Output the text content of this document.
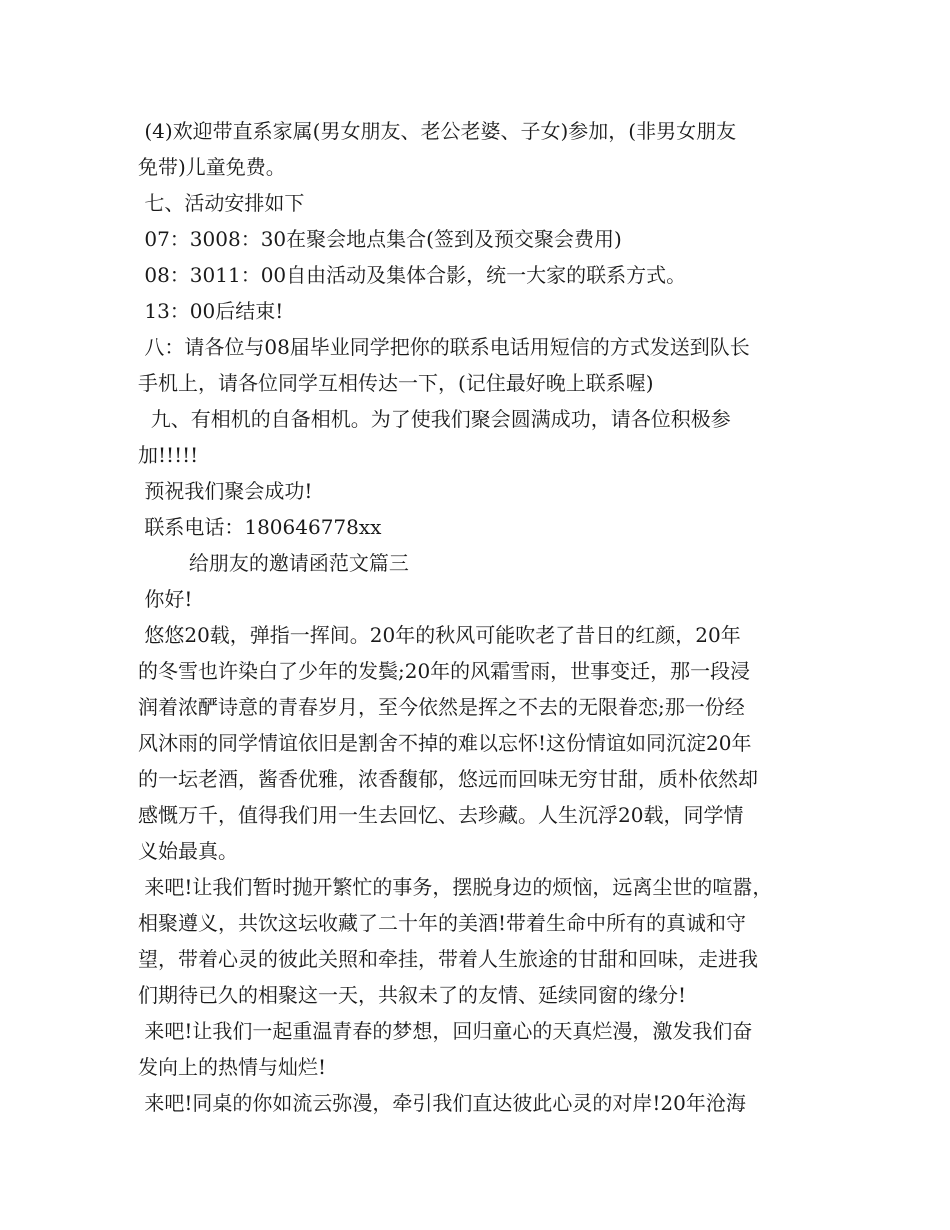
(4)欢迎带直系家属(男女朋友、老公老婆、子女)参加，(非男女朋友
免带)儿童免费。
七、活动安排如下
07：3008：30在聚会地点集合(签到及预交聚会费用)
08：3011：00自由活动及集体合影，统一大家的联系方式。
13：00后结束!
八：请各位与08届毕业同学把你的联系电话用短信的方式发送到队长
手机上，请各位同学互相传达一下，(记住最好晚上联系喔)
九、有相机的自备相机。为了使我们聚会圆满成功，请各位积极参
加!!!!!
预祝我们聚会成功!
联系电话：180646778xx
给朋友的邀请函范文篇三
你好!
悠悠20载，弹指一挥间。20年的秋风可能吹老了昔日的红颜，20年
的冬雪也许染白了少年的发鬓;20年的风霜雪雨，世事变迁，那一段浸
润着浓酽诗意的青春岁月，至今依然是挥之不去的无限眷恋;那一份经
风沐雨的同学情谊依旧是割舍不掉的难以忘怀!这份情谊如同沉淀20年
的一坛老酒，酱香优雅，浓香馥郁，悠远而回味无穷甘甜，质朴依然却
感慨万千，值得我们用一生去回忆、去珍藏。人生沉浮20载，同学情
义始最真。
来吧!让我们暂时抛开繁忙的事务，摆脱身边的烦恼，远离尘世的喧嚣，
相聚遵义，共饮这坛收藏了二十年的美酒!带着生命中所有的真诚和守
望，带着心灵的彼此关照和牵挂，带着人生旅途的甘甜和回味，走进我
们期待已久的相聚这一天，共叙未了的友情、延续同窗的缘分!
来吧!让我们一起重温青春的梦想，回归童心的天真烂漫，激发我们奋
发向上的热情与灿烂!
来吧!同桌的你如流云弥漫，牵引我们直达彼此心灵的对岸!20年沧海
